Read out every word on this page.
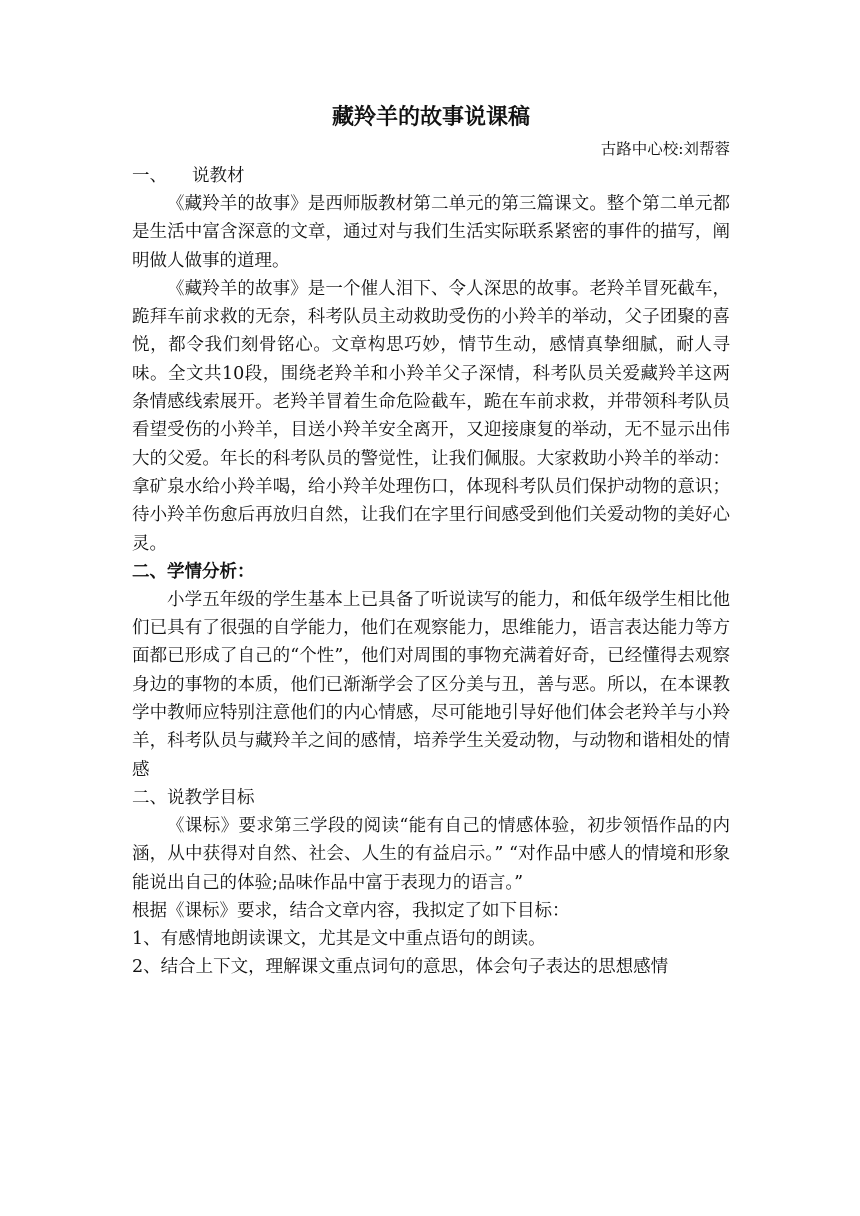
藏羚羊的故事说课稿

古路中心校:刘帮蓉

一、 说教材

《藏羚羊的故事》是西师版教材第二单元的第三篇课文。整个第二单元都是生活中富含深意的文章，通过对与我们生活实际联系紧密的事件的描写，阐明做人做事的道理。

《藏羚羊的故事》是一个催人泪下、令人深思的故事。老羚羊冒死截车，跪拜车前求救的无奈，科考队员主动救助受伤的小羚羊的举动，父子团聚的喜悦，都令我们刻骨铭心。文章构思巧妙，情节生动，感情真挚细腻，耐人寻味。全文共10段，围绕老羚羊和小羚羊父子深情，科考队员关爱藏羚羊这两条情感线索展开。老羚羊冒着生命危险截车，跪在车前求救，并带领科考队员看望受伤的小羚羊，目送小羚羊安全离开，又迎接康复的举动，无不显示出伟大的父爱。年长的科考队员的警觉性，让我们佩服。大家救助小羚羊的举动：拿矿泉水给小羚羊喝，给小羚羊处理伤口，体现科考队员们保护动物的意识；待小羚羊伤愈后再放归自然，让我们在字里行间感受到他们关爱动物的美好心灵。

二、学情分析：

小学五年级的学生基本上已具备了听说读写的能力，和低年级学生相比他们已具有了很强的自学能力，他们在观察能力，思维能力，语言表达能力等方面都已形成了自己的“个性”，他们对周围的事物充满着好奇，已经懂得去观察身边的事物的本质，他们已渐渐学会了区分美与丑，善与恶。所以，在本课教学中教师应特别注意他们的内心情感，尽可能地引导好他们体会老羚羊与小羚羊，科考队员与藏羚羊之间的感情，培养学生关爱动物，与动物和谐相处的情感

二、说教学目标

《课标》要求第三学段的阅读“能有自己的情感体验，初步领悟作品的内涵，从中获得对自然、社会、人生的有益启示。” “对作品中感人的情境和形象能说出自己的体验;品味作品中富于表现力的语言。”

根据《课标》要求，结合文章内容，我拟定了如下目标：

1、有感情地朗读课文，尤其是文中重点语句的朗读。

2、结合上下文，理解课文重点词句的意思，体会句子表达的思想感情
